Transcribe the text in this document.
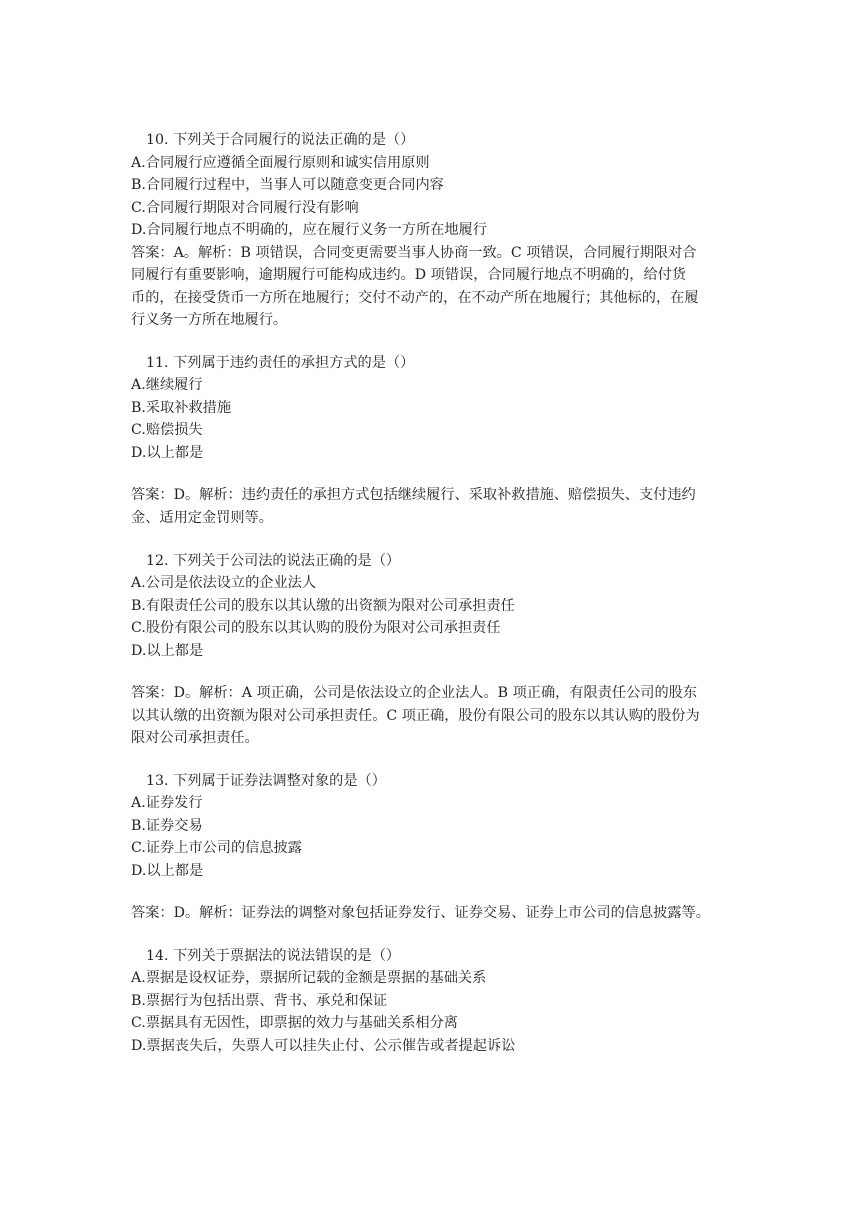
10. 下列关于合同履行的说法正确的是（）
A.合同履行应遵循全面履行原则和诚实信用原则
B.合同履行过程中，当事人可以随意变更合同内容
C.合同履行期限对合同履行没有影响
D.合同履行地点不明确的，应在履行义务一方所在地履行
答案：A。解析：B 项错误，合同变更需要当事人协商一致。C 项错误，合同履行期限对合
同履行有重要影响，逾期履行可能构成违约。D 项错误，合同履行地点不明确的，给付货
币的，在接受货币一方所在地履行；交付不动产的，在不动产所在地履行；其他标的，在履
行义务一方所在地履行。
11. 下列属于违约责任的承担方式的是（）
A.继续履行
B.采取补救措施
C.赔偿损失
D.以上都是
答案：D。解析：违约责任的承担方式包括继续履行、采取补救措施、赔偿损失、支付违约
金、适用定金罚则等。
12. 下列关于公司法的说法正确的是（）
A.公司是依法设立的企业法人
B.有限责任公司的股东以其认缴的出资额为限对公司承担责任
C.股份有限公司的股东以其认购的股份为限对公司承担责任
D.以上都是
答案：D。解析：A 项正确，公司是依法设立的企业法人。B 项正确，有限责任公司的股东
以其认缴的出资额为限对公司承担责任。C 项正确，股份有限公司的股东以其认购的股份为
限对公司承担责任。
13. 下列属于证券法调整对象的是（）
A.证券发行
B.证券交易
C.证券上市公司的信息披露
D.以上都是
答案：D。解析：证券法的调整对象包括证券发行、证券交易、证券上市公司的信息披露等。
14. 下列关于票据法的说法错误的是（）
A.票据是设权证券，票据所记载的金额是票据的基础关系
B.票据行为包括出票、背书、承兑和保证
C.票据具有无因性，即票据的效力与基础关系相分离
D.票据丧失后，失票人可以挂失止付、公示催告或者提起诉讼
